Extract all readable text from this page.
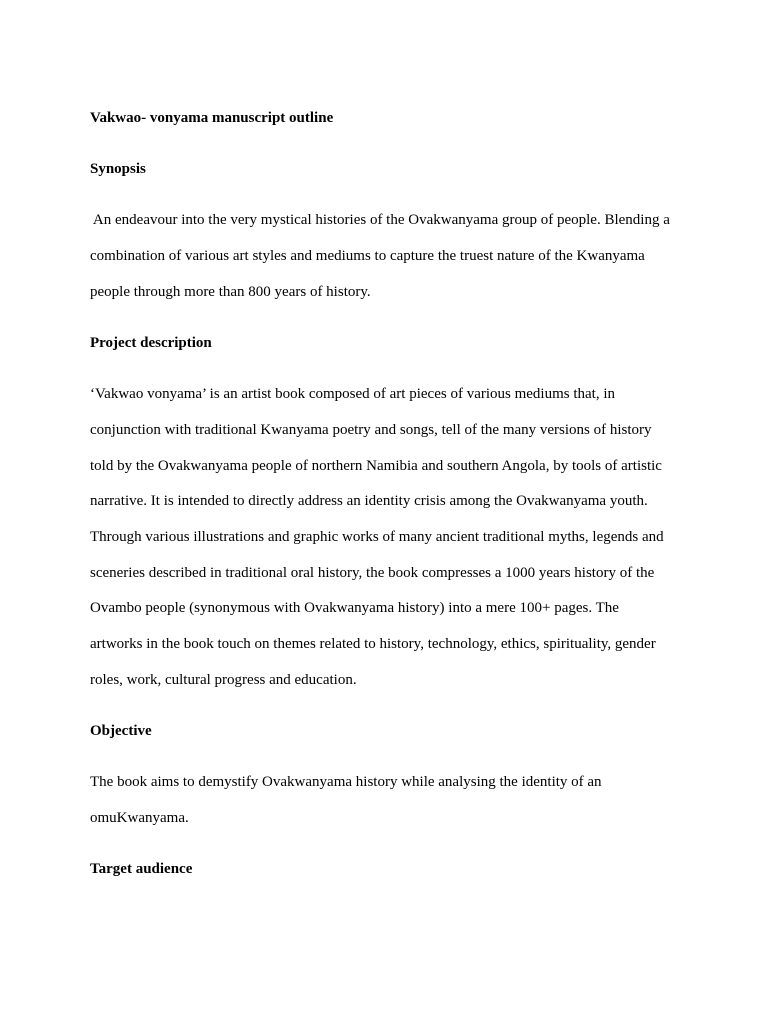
Vakwao- vonyama manuscript outline
Synopsis
An endeavour into the very mystical histories of the Ovakwanyama group of people. Blending a
combination of various art styles and mediums to capture the truest nature of the Kwanyama
people through more than 800 years of history.
Project description
‘Vakwao vonyama’ is an artist book composed of art pieces of various mediums that, in
conjunction with traditional Kwanyama poetry and songs, tell of the many versions of history
told by the Ovakwanyama people of northern Namibia and southern Angola, by tools of artistic
narrative. It is intended to directly address an identity crisis among the Ovakwanyama youth.
Through various illustrations and graphic works of many ancient traditional myths, legends and
sceneries described in traditional oral history, the book compresses a 1000 years history of the
Ovambo people (synonymous with Ovakwanyama history) into a mere 100+ pages. The
artworks in the book touch on themes related to history, technology, ethics, spirituality, gender
roles, work, cultural progress and education.
Objective
The book aims to demystify Ovakwanyama history while analysing the identity of an
omuKwanyama.
Target audience
